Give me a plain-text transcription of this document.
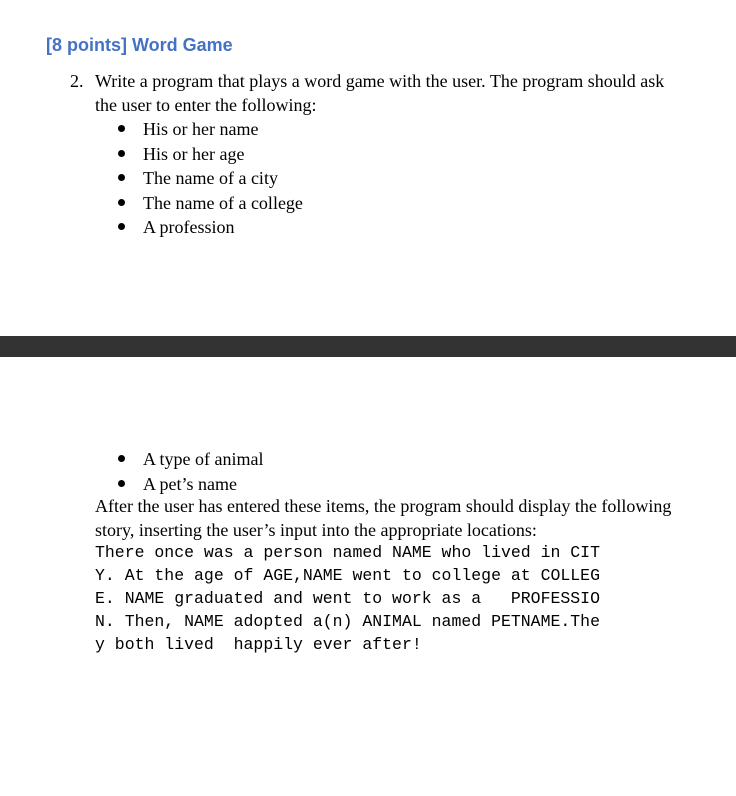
[8 points] Word Game
2. Write a program that plays a word game with the user. The program should ask the user to enter the following:

His or her name
His or her age
The name of a city
The name of a college
A profession
A type of animal
A pet’s name

After the user has entered these items, the program should display the following story, inserting the user’s input into the appropriate locations:

There once was a person named NAME who lived in CIT
Y. At the age of AGE,NAME went to college at COLLEG
E. NAME graduated and went to work as a   PROFESSIO
N. Then, NAME adopted a(n) ANIMAL named PETNAME.The
y both lived  happily ever after!
